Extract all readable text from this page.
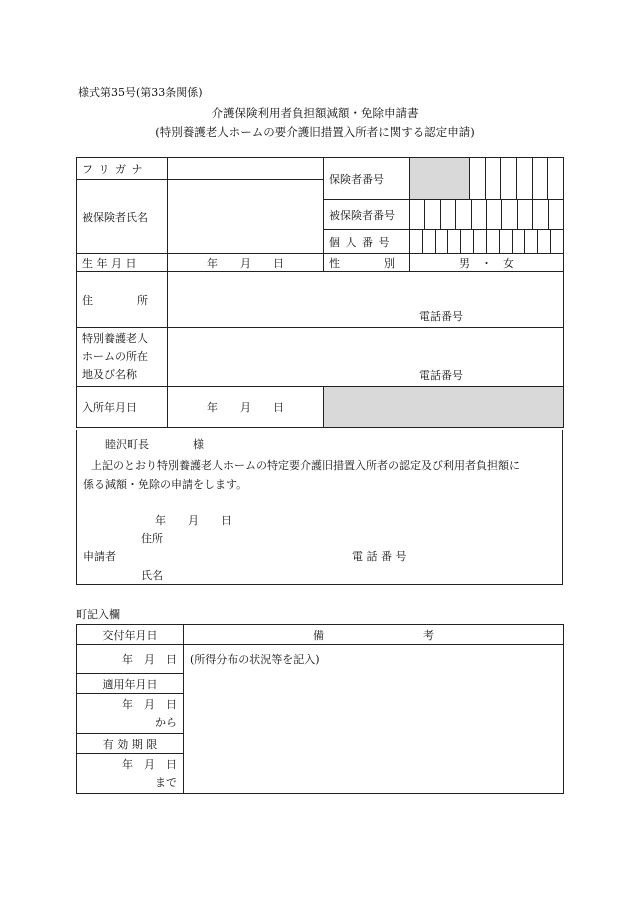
様式第35号(第33条関係)
介護保険利用者負担額減額・免除申請書
(特別養護老人ホームの要介護旧措置入所者に関する認定申請)
フ リ ガ ナ		保険者番号	

被保険者氏名			
		被保険者番号	

		個 人 番 号	

生 年 月 日	年　　月　　日	性　　　　別	男　・　女
住　　　　所	電話番号		

特別養護老人
ホームの所在
地及び名称	電話番号		

入所年月日	年　　月　　日		
睦沢町長　　　　様
上記のとおり特別養護老人ホームの特定要介護旧措置入所者の認定及び利用者負担額に
係る減額・免除の申請をします。
年　　月　　日
住所
申請者	電 話 番 号
氏名
町記入欄
交付年月日	備　　　　　　　　　考
年　月　日	(所得分布の状況等を記入)
適用年月日	

年　月　日
から	

有 効 期 限	

年　月　日
まで	
